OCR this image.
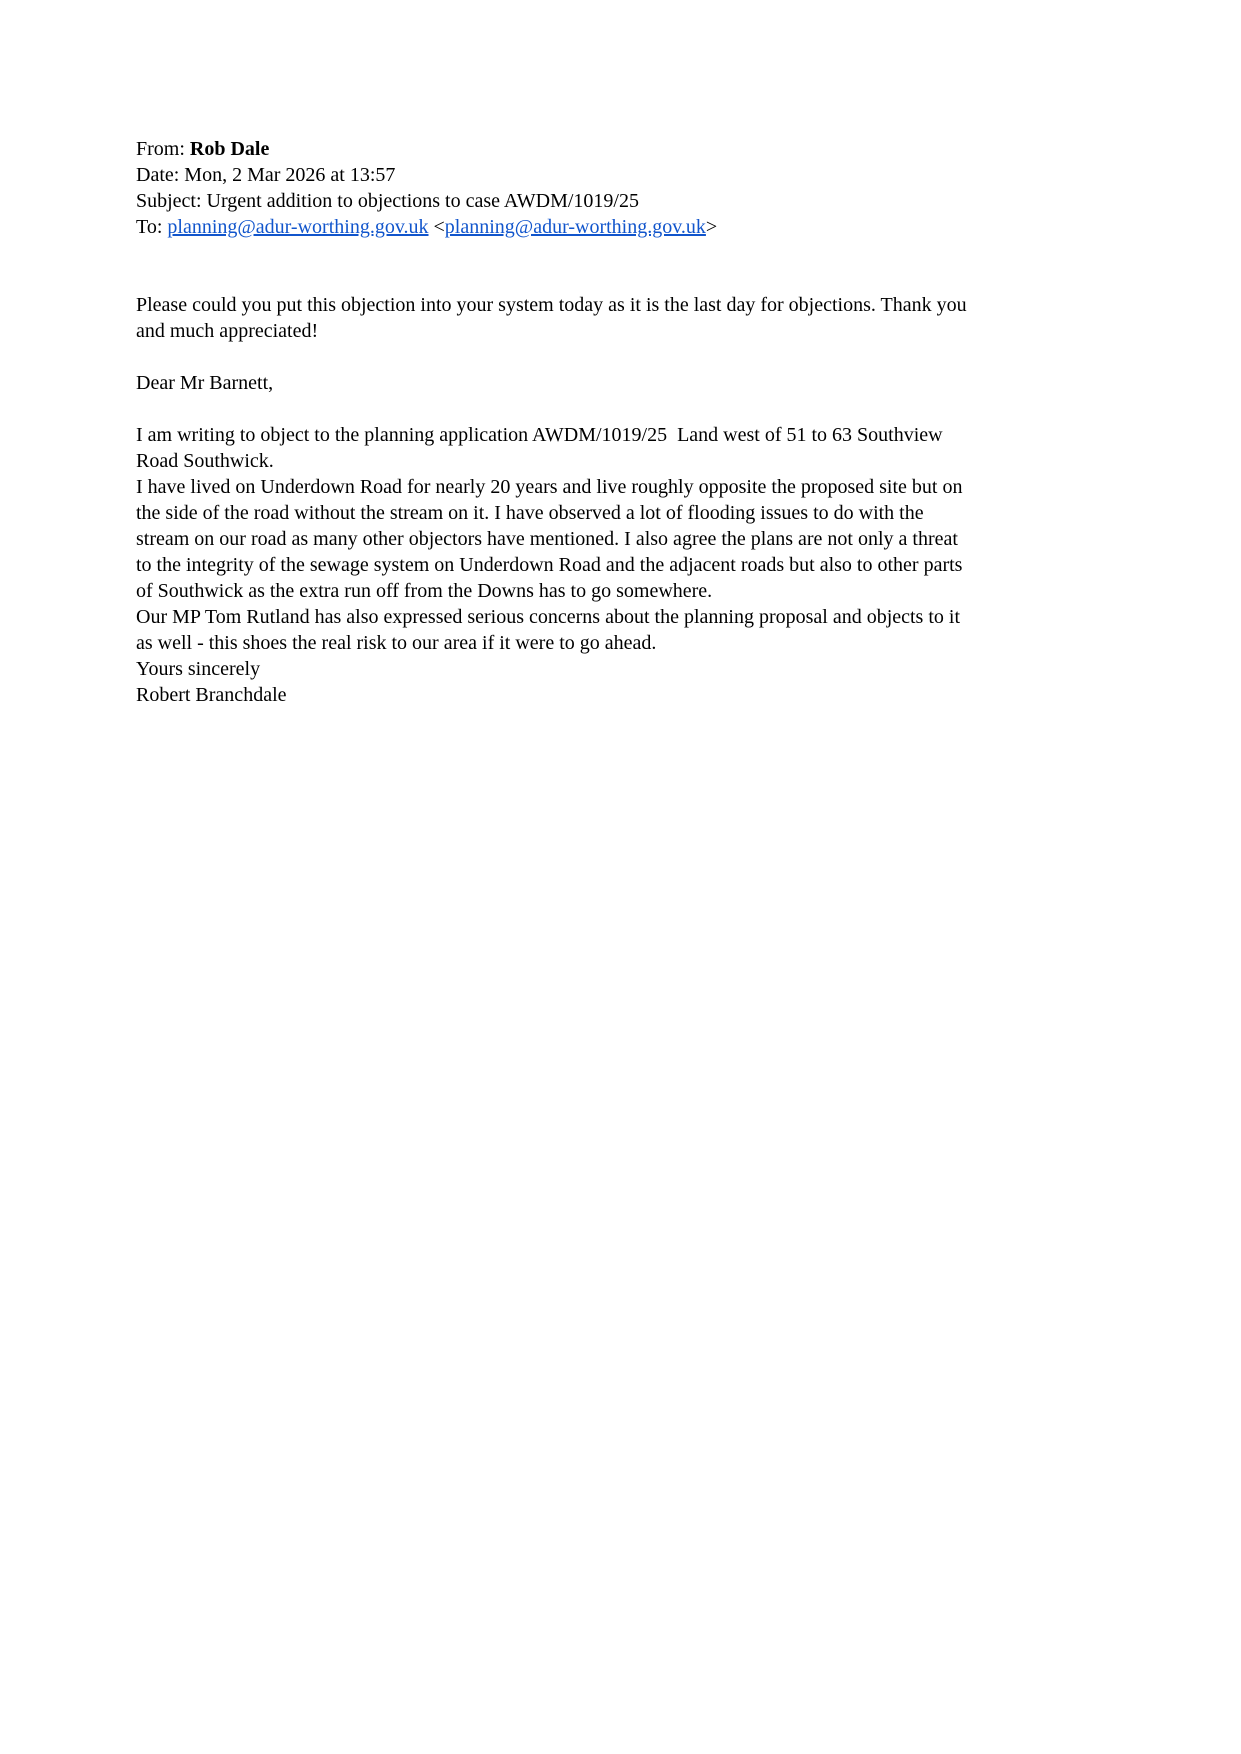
From: Rob Dale
Date: Mon, 2 Mar 2026 at 13:57
Subject: Urgent addition to objections to case AWDM/1019/25
To: planning@adur-worthing.gov.uk <planning@adur-worthing.gov.uk>
Please could you put this objection into your system today as it is the last day for objections. Thank you and much appreciated!
Dear Mr Barnett,
I am writing to object to the planning application AWDM/1019/25  Land west of 51 to 63 Southview Road Southwick.
I have lived on Underdown Road for nearly 20 years and live roughly opposite the proposed site but on the side of the road without the stream on it. I have observed a lot of flooding issues to do with the stream on our road as many other objectors have mentioned. I also agree the plans are not only a threat to the integrity of the sewage system on Underdown Road and the adjacent roads but also to other parts of Southwick as the extra run off from the Downs has to go somewhere.
Our MP Tom Rutland has also expressed serious concerns about the planning proposal and objects to it as well - this shoes the real risk to our area if it were to go ahead.
Yours sincerely
Robert Branchdale
